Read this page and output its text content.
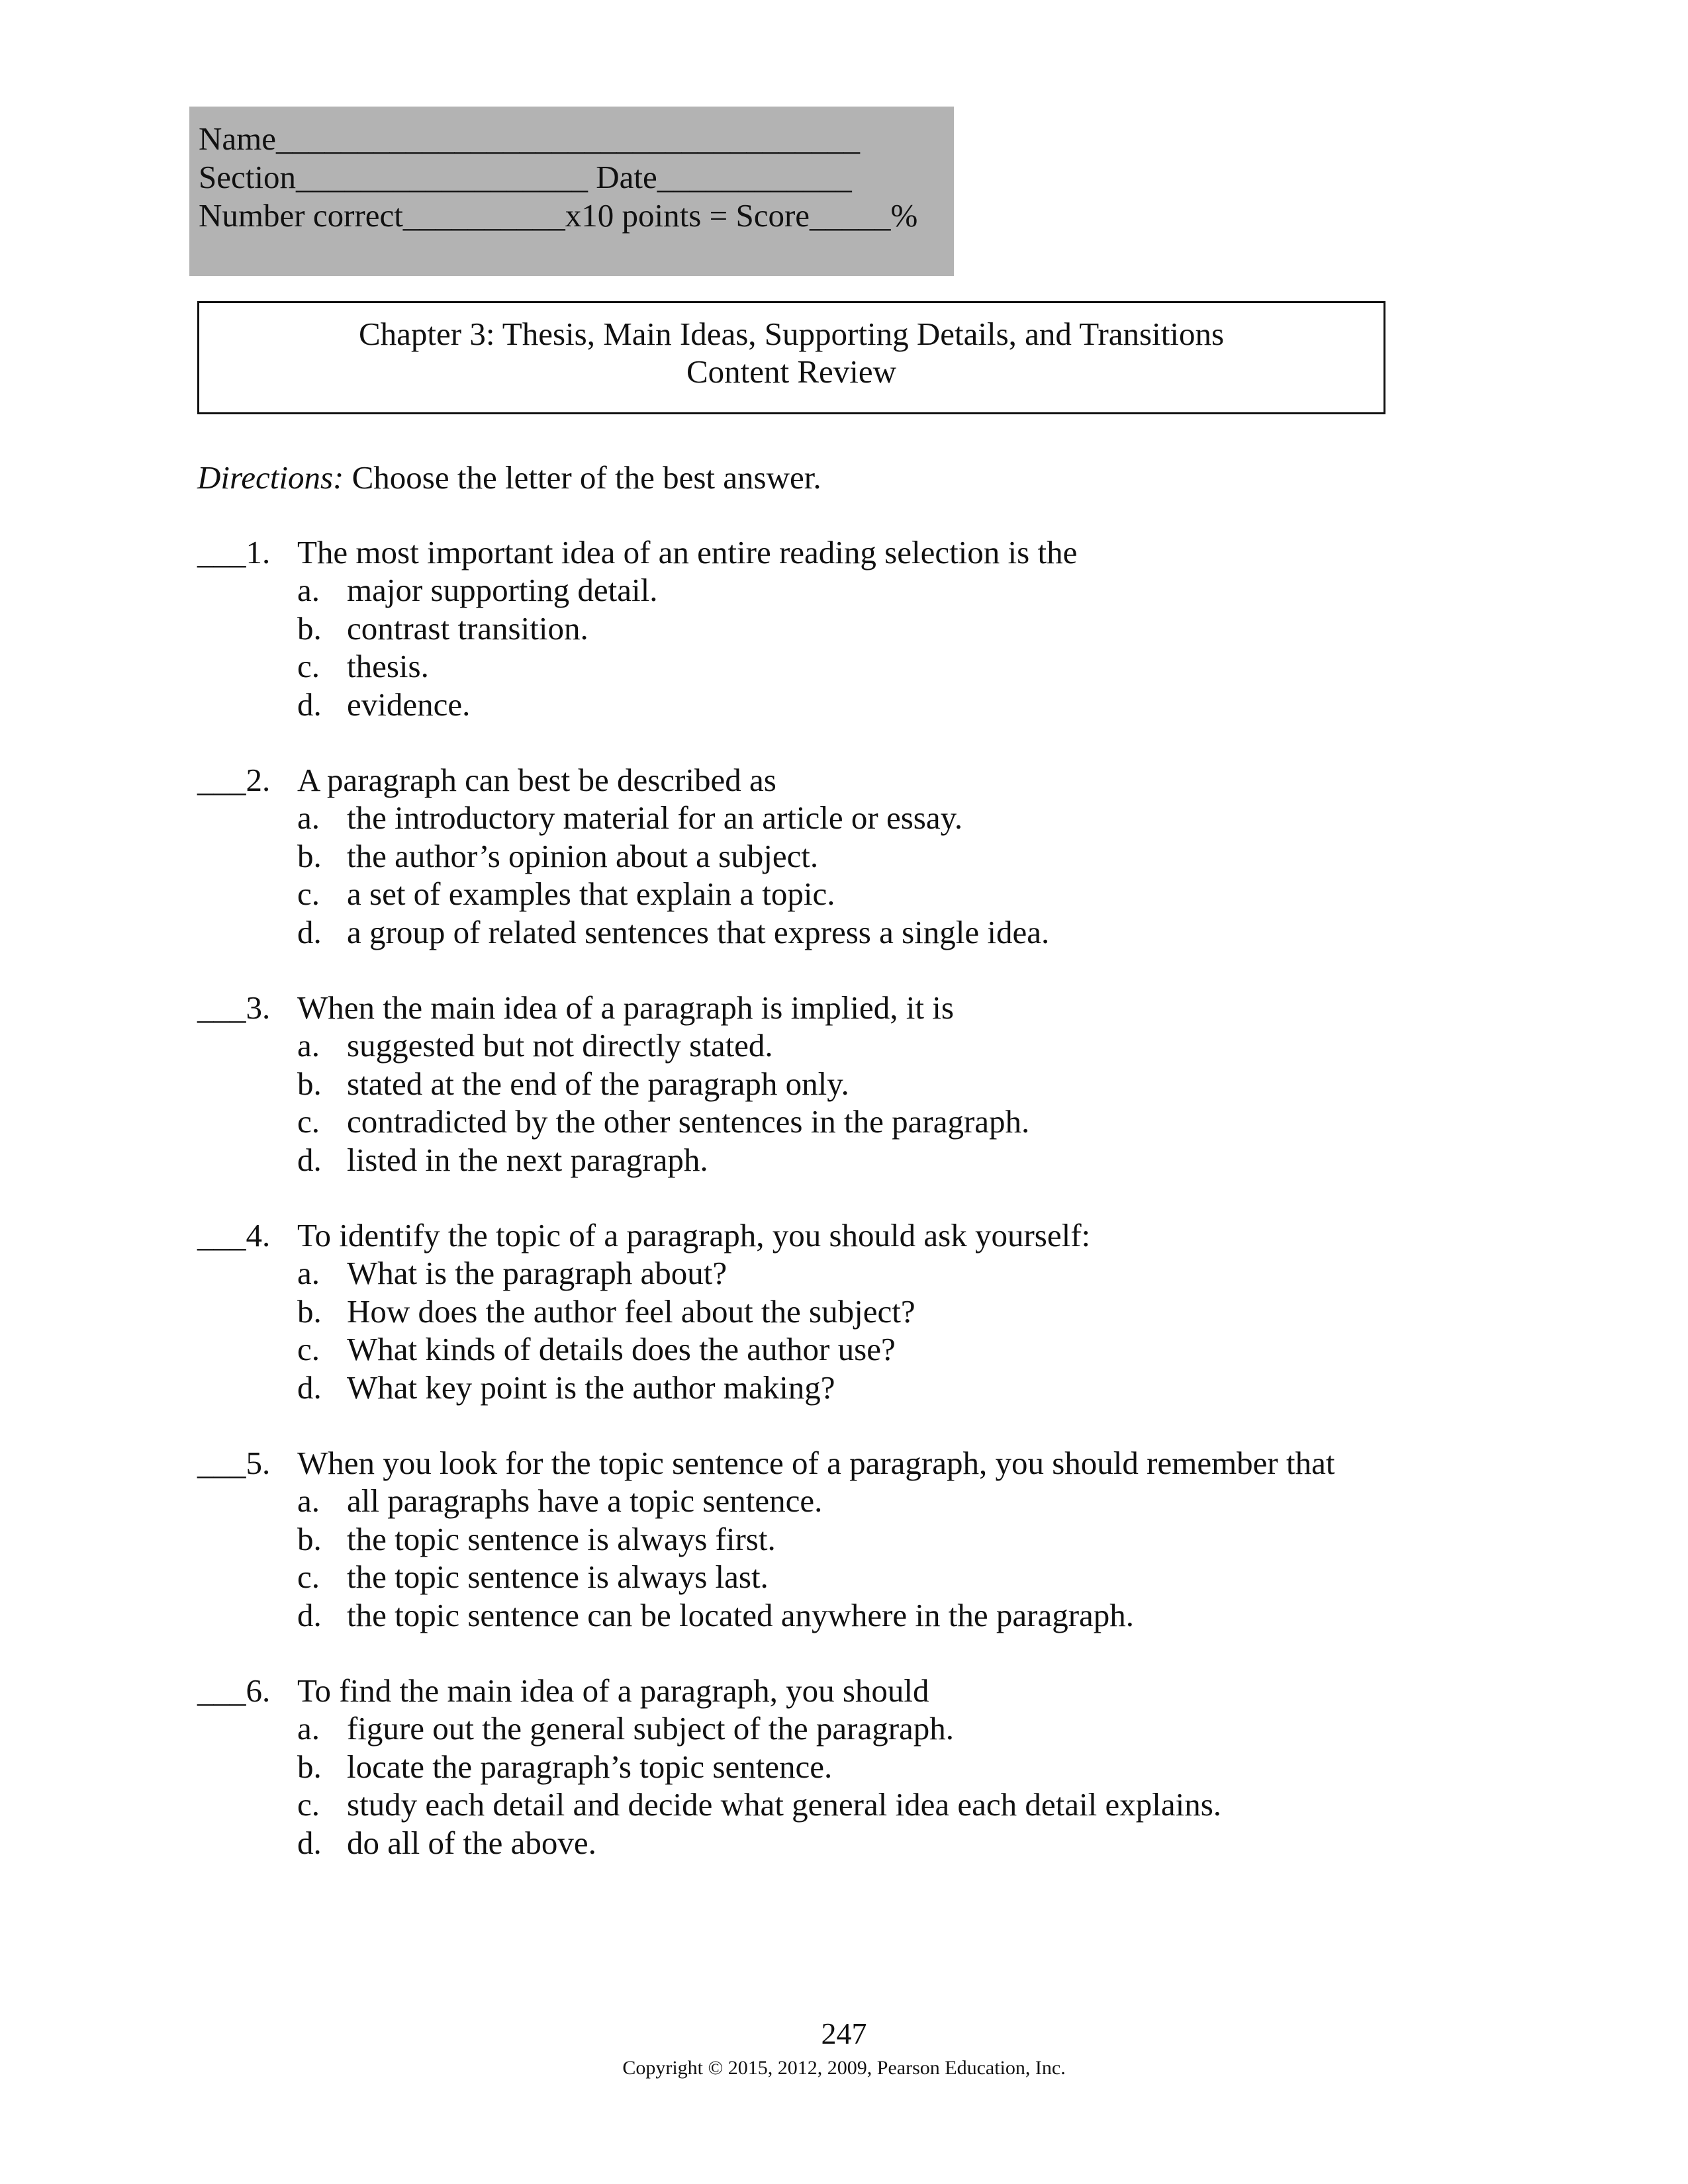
Name____________________________________
Section__________________ Date____________
Number correct__________x10 points = Score_____%
Chapter 3: Thesis, Main Ideas, Supporting Details, and Transitions
Content Review
Directions: Choose the letter of the best answer.
___1. The most important idea of an entire reading selection is the
a. major supporting detail.
b. contrast transition.
c. thesis.
d. evidence.
___2. A paragraph can best be described as
a. the introductory material for an article or essay.
b. the author’s opinion about a subject.
c. a set of examples that explain a topic.
d. a group of related sentences that express a single idea.
___3. When the main idea of a paragraph is implied, it is
a. suggested but not directly stated.
b. stated at the end of the paragraph only.
c. contradicted by the other sentences in the paragraph.
d. listed in the next paragraph.
___4. To identify the topic of a paragraph, you should ask yourself:
a. What is the paragraph about?
b. How does the author feel about the subject?
c. What kinds of details does the author use?
d. What key point is the author making?
___5. When you look for the topic sentence of a paragraph, you should remember that
a. all paragraphs have a topic sentence.
b. the topic sentence is always first.
c. the topic sentence is always last.
d. the topic sentence can be located anywhere in the paragraph.
___6. To find the main idea of a paragraph, you should
a. figure out the general subject of the paragraph.
b. locate the paragraph’s topic sentence.
c. study each detail and decide what general idea each detail explains.
d. do all of the above.
247
Copyright © 2015, 2012, 2009, Pearson Education, Inc.
